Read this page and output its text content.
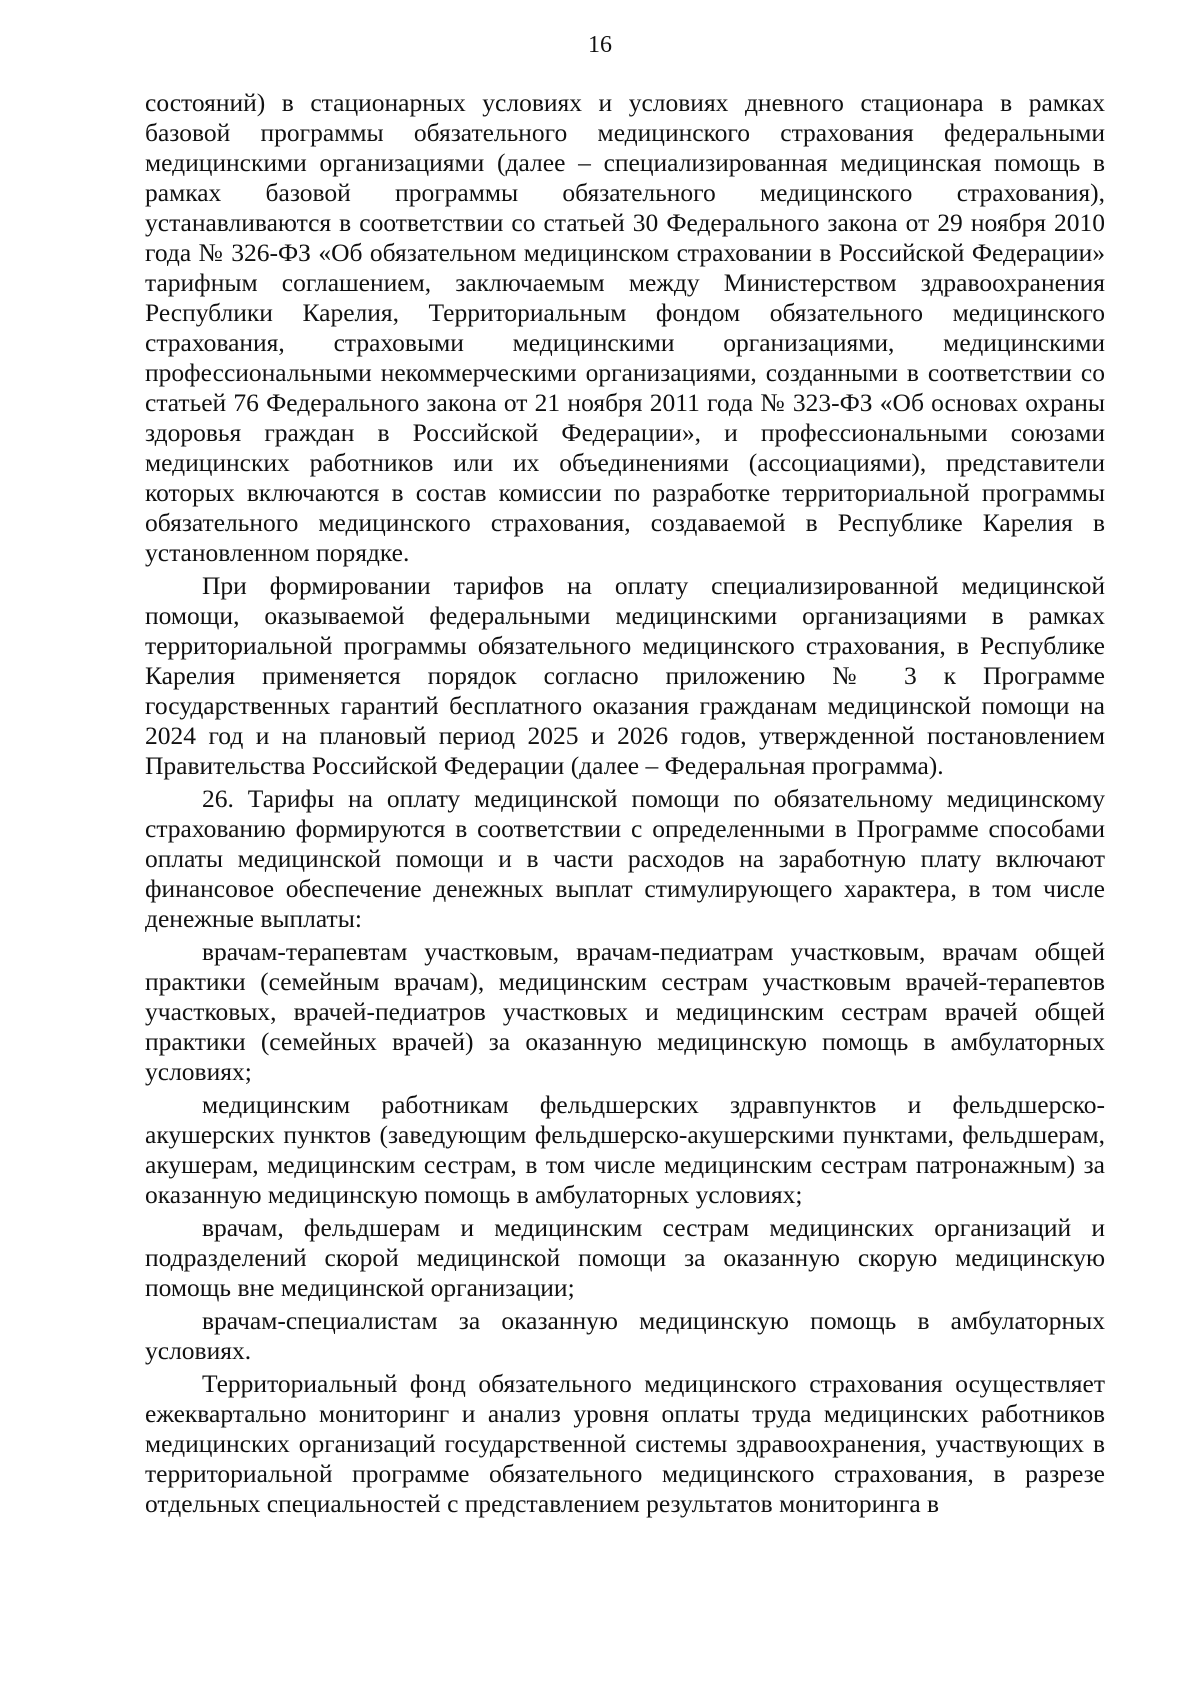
16

состояний) в стационарных условиях и условиях дневного стационара в рамках базовой программы обязательного медицинского страхования федеральными медицинскими организациями (далее – специализированная медицинская помощь в рамках базовой программы обязательного медицинского страхования), устанавливаются в соответствии со статьей 30 Федерального закона от 29 ноября 2010 года № 326-ФЗ «Об обязательном медицинском страховании в Российской Федерации» тарифным соглашением, заключаемым между Министерством здравоохранения Республики Карелия, Территориальным фондом обязательного медицинского страхования, страховыми медицинскими организациями, медицинскими профессиональными некоммерческими организациями, созданными в соответствии со статьей 76 Федерального закона от 21 ноября 2011 года № 323-ФЗ «Об основах охраны здоровья граждан в Российской Федерации», и профессиональными союзами медицинских работников или их объединениями (ассоциациями), представители которых включаются в состав комиссии по разработке территориальной программы обязательного медицинского страхования, создаваемой в Республике Карелия в установленном порядке.

При формировании тарифов на оплату специализированной медицинской помощи, оказываемой федеральными медицинскими организациями в рамках территориальной программы обязательного медицинского страхования, в Республике Карелия применяется порядок согласно приложению № 3 к Программе государственных гарантий бесплатного оказания гражданам медицинской помощи на 2024 год и на плановый период 2025 и 2026 годов, утвержденной постановлением Правительства Российской Федерации (далее – Федеральная программа).

26. Тарифы на оплату медицинской помощи по обязательному медицинскому страхованию формируются в соответствии с определенными в Программе способами оплаты медицинской помощи и в части расходов на заработную плату включают финансовое обеспечение денежных выплат стимулирующего характера, в том числе денежные выплаты:

врачам-терапевтам участковым, врачам-педиатрам участковым, врачам общей практики (семейным врачам), медицинским сестрам участковым врачей-терапевтов участковых, врачей-педиатров участковых и медицинским сестрам врачей общей практики (семейных врачей) за оказанную медицинскую помощь в амбулаторных условиях;

медицинским работникам фельдшерских здравпунктов и фельдшерско-акушерских пунктов (заведующим фельдшерско-акушерскими пунктами, фельдшерам, акушерам, медицинским сестрам, в том числе медицинским сестрам патронажным) за оказанную медицинскую помощь в амбулаторных условиях;

врачам, фельдшерам и медицинским сестрам медицинских организаций и подразделений скорой медицинской помощи за оказанную скорую медицинскую помощь вне медицинской организации;

врачам-специалистам за оказанную медицинскую помощь в амбулаторных условиях.

Территориальный фонд обязательного медицинского страхования осуществляет ежеквартально мониторинг и анализ уровня оплаты труда медицинских работников медицинских организаций государственной системы здравоохранения, участвующих в территориальной программе обязательного медицинского страхования, в разрезе отдельных специальностей с представлением результатов мониторинга в
